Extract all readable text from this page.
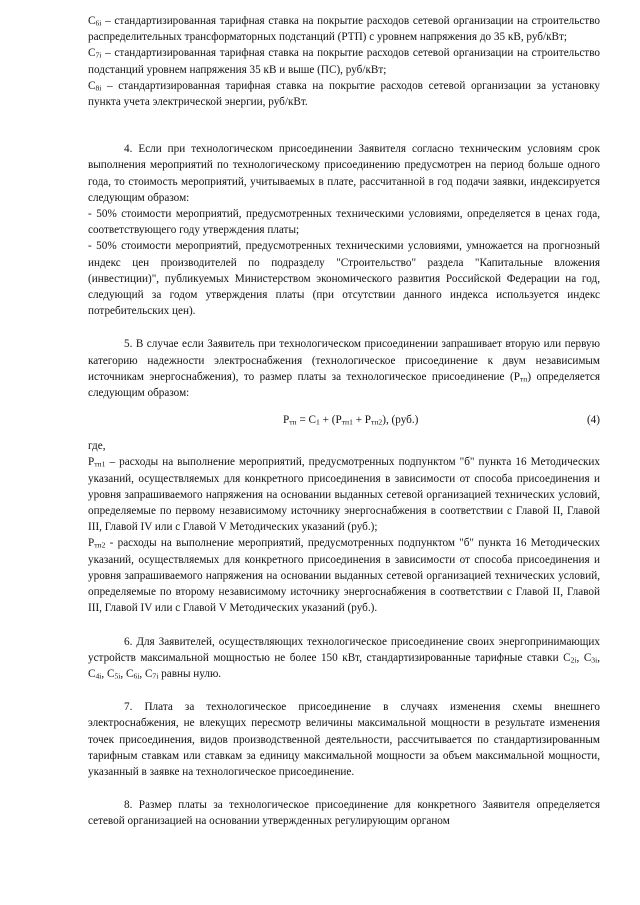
$C_{6i}$ – стандартизированная тарифная ставка на покрытие расходов сетевой организации на строительство распределительных трансформаторных подстанций (РТП) с уровнем напряжения до 35 кВ, руб/кВт;

$C_{7i}$ – стандартизированная тарифная ставка на покрытие расходов сетевой организации на строительство подстанций уровнем напряжения 35 кВ и выше (ПС), руб/кВт;

$C_{8i}$ – стандартизированная тарифная ставка на покрытие расходов сетевой организации за установку пункта учета электрической энергии, руб/кВт.

4. Если при технологическом присоединении Заявителя согласно техническим условиям срок выполнения мероприятий по технологическому присоединению предусмотрен на период больше одного года, то стоимость мероприятий, учитываемых в плате, рассчитанной в год подачи заявки, индексируется следующим образом:

- 50% стоимости мероприятий, предусмотренных техническими условиями, определяется в ценах года, соответствующего году утверждения платы;

- 50% стоимости мероприятий, предусмотренных техническими условиями, умножается на прогнозный индекс цен производителей по подразделу "Строительство" раздела "Капитальные вложения (инвестиции)", публикуемых Министерством экономического развития Российской Федерации на год, следующий за годом утверждения платы (при отсутствии данного индекса используется индекс потребительских цен).

5. В случае если Заявитель при технологическом присоединении запрашивает вторую или первую категорию надежности электроснабжения (технологическое присоединение к двум независимым источникам энергоснабжения), то размер платы за технологическое присоединение $(P_{тп})$ определяется следующим образом:

$P_{тп} = C_1 + (P_{тп1} + P_{тп2})$, (руб.)	(4)

где,

$P_{тп1}$ – расходы на выполнение мероприятий, предусмотренных подпунктом "б" пункта 16 Методических указаний, осуществляемых для конкретного присоединения в зависимости от способа присоединения и уровня запрашиваемого напряжения на основании выданных сетевой организацией технических условий, определяемые по первому независимому источнику энергоснабжения в соответствии с Главой II, Главой III, Главой IV или с Главой V Методических указаний (руб.);

$P_{тп2}$ - расходы на выполнение мероприятий, предусмотренных подпунктом "б" пункта 16 Методических указаний, осуществляемых для конкретного присоединения в зависимости от способа присоединения и уровня запрашиваемого напряжения на основании выданных сетевой организацией технических условий, определяемые по второму независимому источнику энергоснабжения в соответствии с Главой II, Главой III, Главой IV или с Главой V Методических указаний (руб.).

6. Для Заявителей, осуществляющих технологическое присоединение своих энергопринимающих устройств максимальной мощностью не более 150 кВт, стандартизированные тарифные ставки $C_{2i}$, $C_{3i}$, $C_{4i}$, $C_{5i}$, $C_{6i}$, $C_{7i}$ равны нулю.

7. Плата за технологическое присоединение в случаях изменения схемы внешнего электроснабжения, не влекущих пересмотр величины максимальной мощности в результате изменения точек присоединения, видов производственной деятельности, рассчитывается по стандартизированным тарифным ставкам или ставкам за единицу максимальной мощности за объем максимальной мощности, указанный в заявке на технологическое присоединение.

8. Размер платы за технологическое присоединение для конкретного Заявителя определяется сетевой организацией на основании утвержденных регулирующим органом
